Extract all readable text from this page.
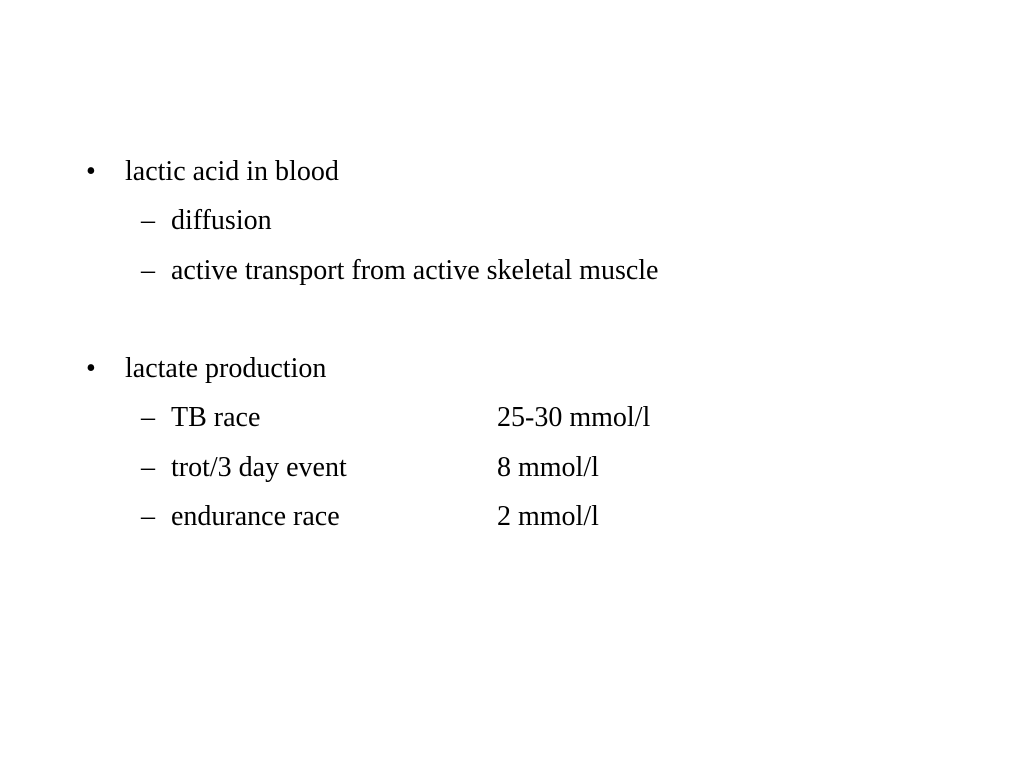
• lactic acid in blood
– diffusion
– active transport from active skeletal muscle
• lactate production
– TB race	25-30 mmol/l
– trot/3 day event	8 mmol/l
– endurance race	2 mmol/l
